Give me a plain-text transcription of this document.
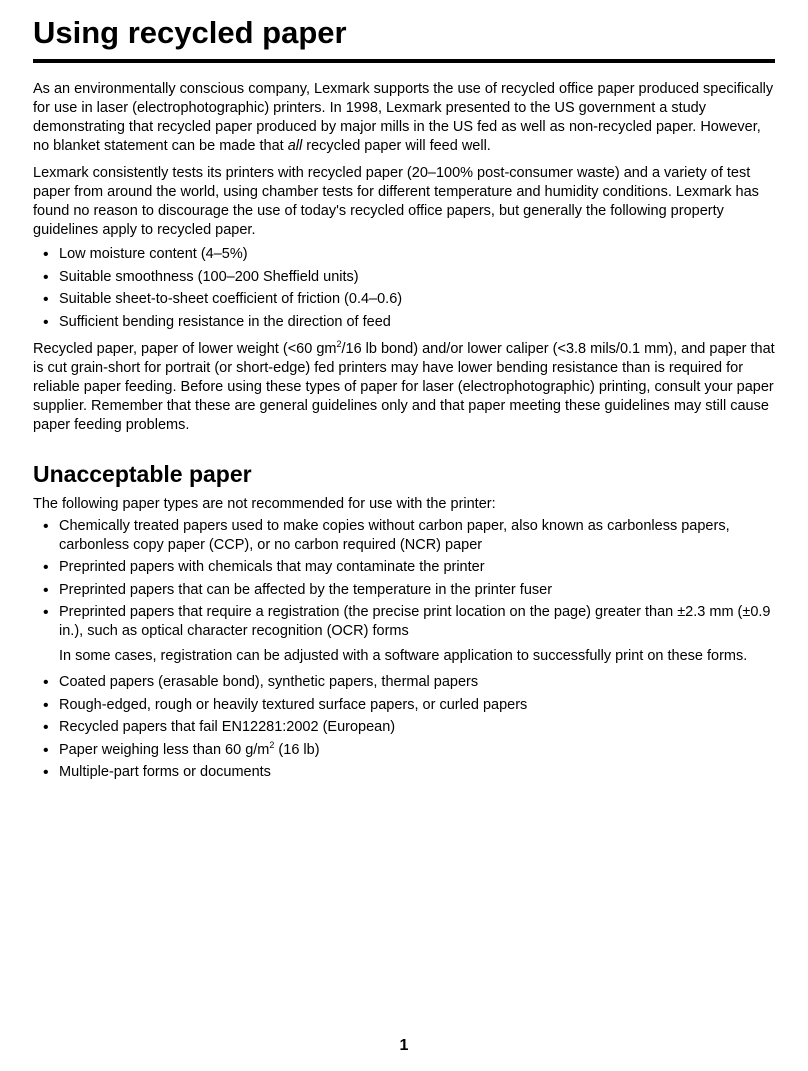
Using recycled paper

As an environmentally conscious company, Lexmark supports the use of recycled office paper produced specifically for use in laser (electrophotographic) printers. In 1998, Lexmark presented to the US government a study demonstrating that recycled paper produced by major mills in the US fed as well as non-recycled paper. However, no blanket statement can be made that all recycled paper will feed well.

Lexmark consistently tests its printers with recycled paper (20–100% post-consumer waste) and a variety of test paper from around the world, using chamber tests for different temperature and humidity conditions. Lexmark has found no reason to discourage the use of today's recycled office papers, but generally the following property guidelines apply to recycled paper.

• Low moisture content (4–5%)
• Suitable smoothness (100–200 Sheffield units)
• Suitable sheet-to-sheet coefficient of friction (0.4–0.6)
• Sufficient bending resistance in the direction of feed

Recycled paper, paper of lower weight (<60 $gm^2/16$ lb bond) and/or lower caliper (<3.8 mils/0.1 mm), and paper that is cut grain-short for portrait (or short-edge) fed printers may have lower bending resistance than is required for reliable paper feeding. Before using these types of paper for laser (electrophotographic) printing, consult your paper supplier. Remember that these are general guidelines only and that paper meeting these guidelines may still cause paper feeding problems.

Unacceptable paper

The following paper types are not recommended for use with the printer:

• Chemically treated papers used to make copies without carbon paper, also known as carbonless papers, carbonless copy paper (CCP), or no carbon required (NCR) paper
• Preprinted papers with chemicals that may contaminate the printer
• Preprinted papers that can be affected by the temperature in the printer fuser
• Preprinted papers that require a registration (the precise print location on the page) greater than ±2.3 mm (±0.9 in.), such as optical character recognition (OCR) forms

In some cases, registration can be adjusted with a software application to successfully print on these forms.

• Coated papers (erasable bond), synthetic papers, thermal papers
• Rough-edged, rough or heavily textured surface papers, or curled papers
• Recycled papers that fail EN12281:2002 (European)
• Paper weighing less than 60 $g/m^2$ (16 lb)
• Multiple-part forms or documents
1
